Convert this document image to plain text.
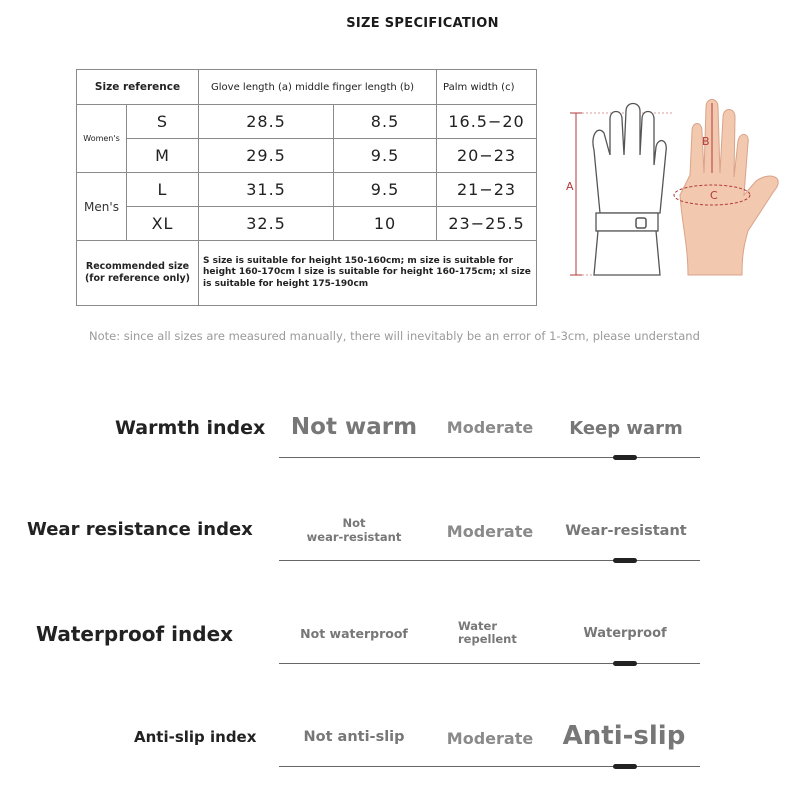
SIZE SPECIFICATION
Size reference		Glove length (a) middle finger length (b)		Palm width (c)
Women's	S	28.5	8.5	16.5−20
	M	29.5	9.5	20−23
Men's	L	31.5	9.5	21−23
	XL	32.5	10	23−25.5
Recommended size (for reference only)		S size is suitable for height 150-160cm; m size is suitable for height 160-170cm l size is suitable for height 160-175cm; xl size is suitable for height 175-190cm		
A
B
C
Note: since all sizes are measured manually, there will inevitably be an error of 1-3cm, please understand
Warmth index Not warm	Moderate	Keep warm
Wear resistance index	Not
wear-resistant	Moderate	Wear-resistant
Waterproof index	Not waterproof	Water
repellent	Waterproof
Anti-slip index	Not anti-slip	Moderate Anti-slip
